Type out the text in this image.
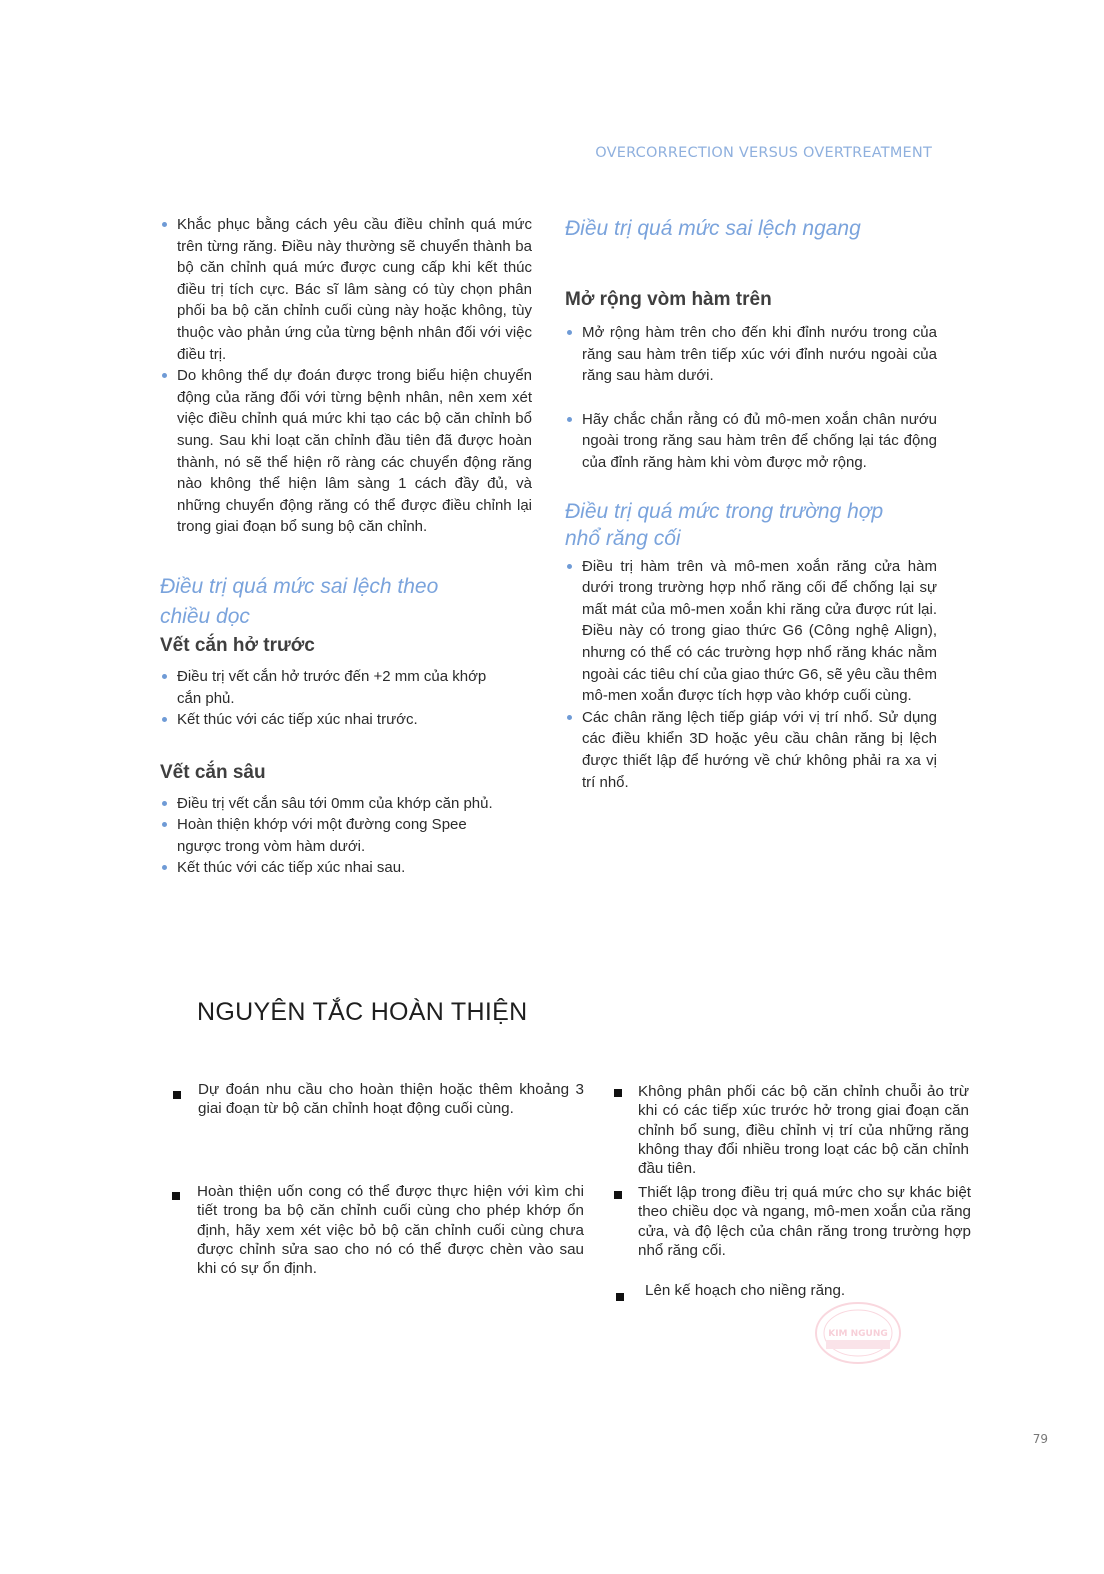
OVERCORRECTION VERSUS OVERTREATMENT
Khắc phục bằng cách yêu cầu điều chỉnh quá mức trên từng răng. Điều này thường sẽ chuyển thành ba bộ căn chỉnh quá mức được cung cấp khi kết thúc điều trị tích cực. Bác sĩ lâm sàng có tùy chọn phân phối ba bộ căn chỉnh cuối cùng này hoặc không, tùy thuộc vào phản ứng của từng bệnh nhân đối với việc điều trị.
Do không thể dự đoán được trong biểu hiện chuyển động của răng đối với từng bệnh nhân, nên xem xét việc điều chỉnh quá mức khi tạo các bộ căn chỉnh bổ sung. Sau khi loạt căn chỉnh đầu tiên đã được hoàn thành, nó sẽ thể hiện rõ ràng các chuyển động răng nào không thể hiện lâm sàng 1 cách đầy đủ, và những chuyển động răng có thể được điều chỉnh lại trong giai đoạn bổ sung bộ căn chỉnh.
Điều trị quá mức sai lệch theo chiều dọc
Vết cắn hở trước
Điều trị vết cắn hở trước đến +2 mm của khớp cắn phủ.
Kết thúc với các tiếp xúc nhai trước.
Vết cắn sâu
Điều trị vết cắn sâu tới 0mm của khớp căn phủ.
Hoàn thiện khớp với một đường cong Spee ngược trong vòm hàm dưới.
Kết thúc với các tiếp xúc nhai sau.
Điều trị quá mức sai lệch ngang
Mở rộng vòm hàm trên
Mở rộng hàm trên cho đến khi đỉnh nướu trong của răng sau hàm trên tiếp xúc với đỉnh nướu ngoài của răng sau hàm dưới.
Hãy chắc chắn rằng có đủ mô-men xoắn chân nướu ngoài trong răng sau hàm trên để chống lại tác động của đỉnh răng hàm khi vòm được mở rộng.
Điều trị quá mức trong trường hợp nhổ răng cối
Điều trị hàm trên và mô-men xoắn răng cửa hàm dưới trong trường hợp nhổ răng cối để chống lại sự mất mát của mô-men xoắn khi răng cửa được rút lại. Điều này có trong giao thức G6 (Công nghệ Align), nhưng có thể có các trường hợp nhổ răng khác nằm ngoài các tiêu chí của giao thức G6, sẽ yêu cầu thêm mô-men xoắn được tích hợp vào khớp cuối cùng.
Các chân răng lệch tiếp giáp với vị trí nhổ. Sử dụng các điều khiển 3D hoặc yêu cầu chân răng bị lệch được thiết lập để hướng về chứ không phải ra xa vị trí nhổ.
NGUYÊN TẮC HOÀN THIỆN
Dự đoán nhu cầu cho hoàn thiện hoặc thêm khoảng 3 giai đoạn từ bộ căn chỉnh hoạt động cuối cùng.
Hoàn thiện uốn cong có thể được thực hiện với kìm chi tiết trong ba bộ căn chỉnh cuối cùng cho phép khớp ổn định, hãy xem xét việc bỏ bộ căn chỉnh cuối cùng chưa được chỉnh sửa sao cho nó có thể được chèn vào sau khi có sự ổn định.
Không phân phối các bộ căn chỉnh chuỗi ảo trừ khi có các tiếp xúc trước hở trong giai đoạn căn chỉnh bổ sung, điều chỉnh vị trí của những răng không thay đổi nhiều trong loạt các bộ căn chỉnh đầu tiên.
Thiết lập trong điều trị quá mức cho sự khác biệt theo chiều dọc và ngang, mô-men xoắn của răng cửa, và độ lệch của chân răng trong trường hợp nhổ răng cối.
Lên kế hoạch cho niềng răng.
KIM NGUNG
79
